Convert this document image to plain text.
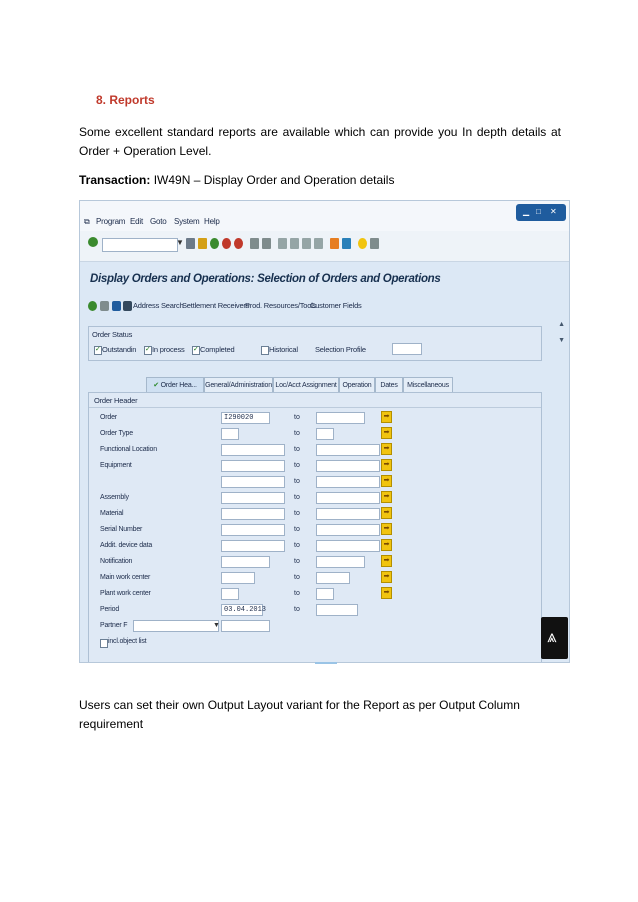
8. Reports
Some excellent standard reports are available which can provide you In depth details at Order + Operation Level.
Transaction: IW49N – Display Order and Operation details
⧉ Program Edit Goto System Help
▁ □ ✕
▼
Display Orders and Operations: Selection of Orders and Operations
Address Search
Settlement Receivers
Prod. Resources/Tools
Customer Fields
Order Status
✓ Outstandin ✓ In process ✓ Completed	Historical Selection Profile
▲
▼
✔ Order Hea...	General/Administration Loc/Acct Assignment Operation	Dates	Miscellaneous
Order Header
Order	I290020	to	➡
Order Type	to	➡
Functional Location	to	➡
Equipment	to	➡
to	➡
Assembly	to	➡
Material	to	➡
Serial Number	to	➡
Addit. device data	to	➡
Notification	to	➡
Main work center	to	➡
Plant work center	to	➡
Period	03.04.2013	to
Partner F	▼
incl.object list	⩓
Users can set their own Output Layout variant for the Report as per Output Column requirement
